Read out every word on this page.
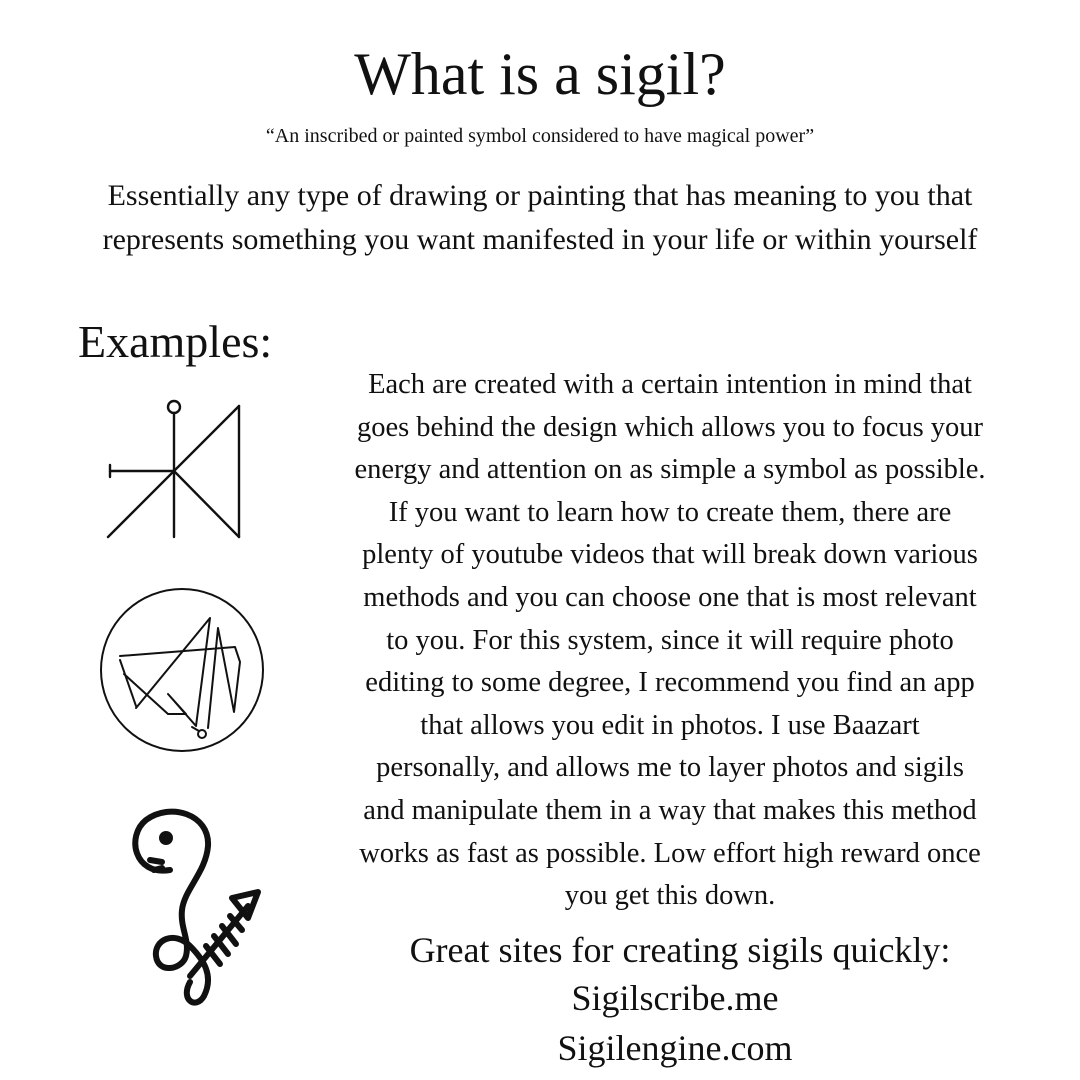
What is a sigil?
“An inscribed or painted symbol considered to have magical power”
Essentially any type of drawing or painting that has meaning to you that
represents something you want manifested in your life or within yourself
Examples:
Each are created with a certain intention in mind that
goes behind the design which allows you to focus your
energy and attention on as simple a symbol as possible.
If you want to learn how to create them, there are
plenty of youtube videos that will break down various
methods and you can choose one that is most relevant
to you. For this system, since it will require photo
editing to some degree, I recommend you find an app
that allows you edit in photos. I use Baazart
personally, and allows me to layer photos and sigils
and manipulate them in a way that makes this method
works as fast as possible. Low effort high reward once
you get this down.
Great sites for creating sigils quickly:
Sigilscribe.me
Sigilengine.com
